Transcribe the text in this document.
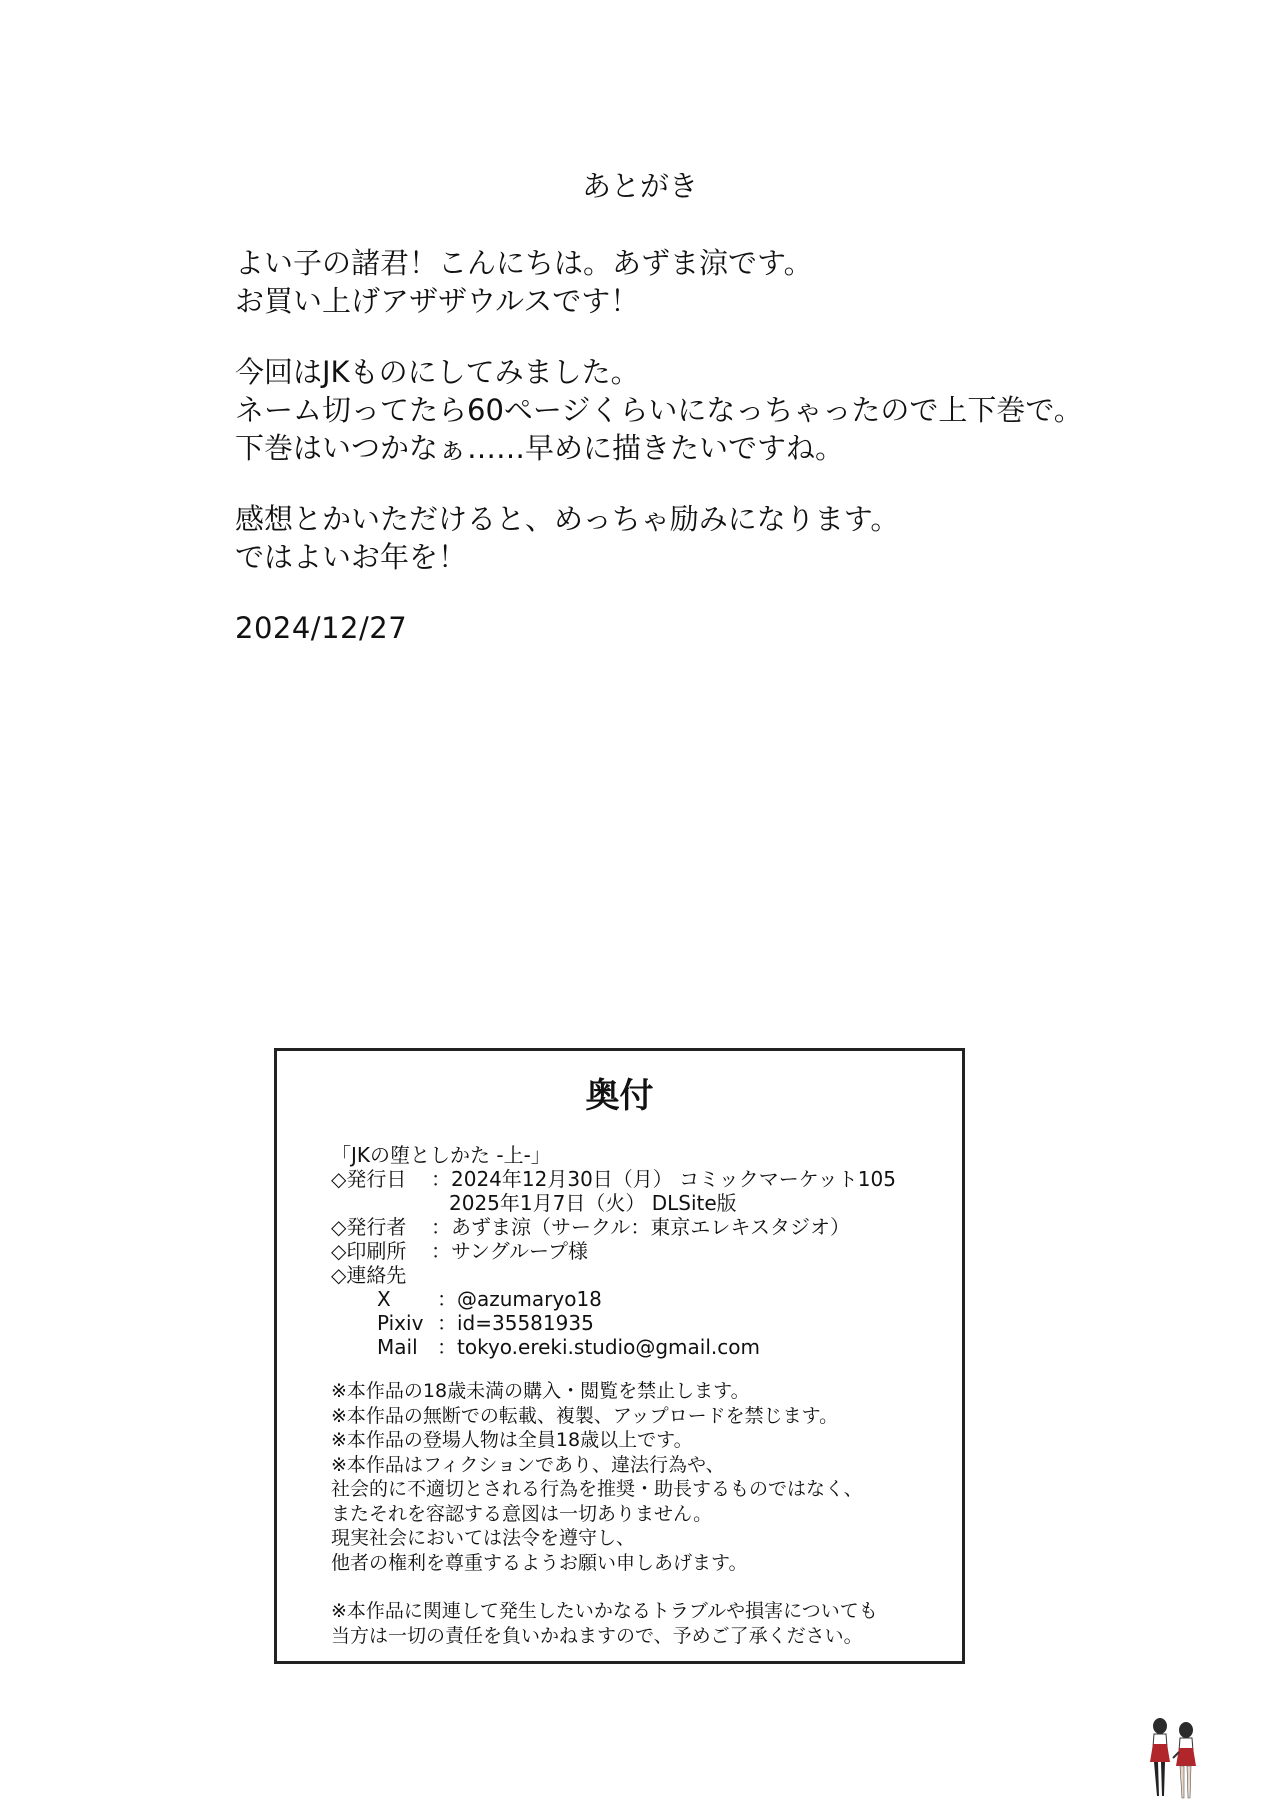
あとがき
よい子の諸君！こんにちは。あずま涼です。
お買い上げアザザウルスです！
今回はJKものにしてみました。
ネーム切ってたら60ページくらいになっちゃったので上下巻で。
下巻はいつかなぁ……早めに描きたいですね。
感想とかいただけると、めっちゃ励みになります。
ではよいお年を！
2024/12/27
奥付
「JKの堕としかた -上-」
◇発行日	：2024年12月30日（月） コミックマーケット105
2025年1月7日（火） DLSite版
◇発行者	：あずま涼（サークル：東京エレキスタジオ）
◇印刷所	：サングループ様
◇連絡先
X	：@azumaryo18
Pixiv ：id=35581935
Mail ：tokyo.ereki.studio@gmail.com
※本作品の18歳未満の購入・閲覧を禁止します。
※本作品の無断での転載、複製、アップロードを禁じます。
※本作品の登場人物は全員18歳以上です。
※本作品はフィクションであり、違法行為や、
社会的に不適切とされる行為を推奨・助長するものではなく、
またそれを容認する意図は一切ありません。
現実社会においては法令を遵守し、
他者の権利を尊重するようお願い申しあげます。
※本作品に関連して発生したいかなるトラブルや損害についても
当方は一切の責任を負いかねますので、予めご了承ください。
